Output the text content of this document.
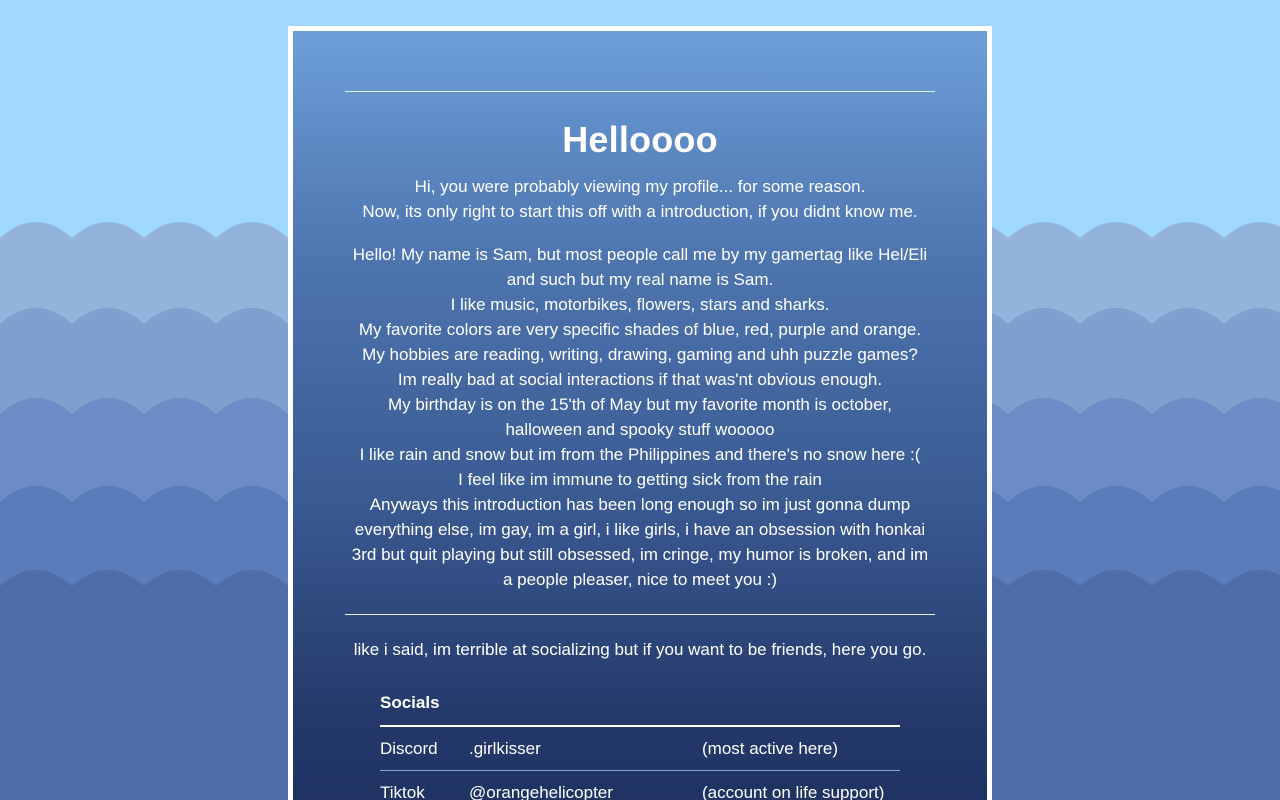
Helloooo
Hi, you were probably viewing my profile... for some reason.
Now, its only right to start this off with a introduction, if you didnt know me.
Hello! My name is Sam, but most people call me by my gamertag like Hel/Eli
and such but my real name is Sam.
I like music, motorbikes, flowers, stars and sharks.
My favorite colors are very specific shades of blue, red, purple and orange.
My hobbies are reading, writing, drawing, gaming and uhh puzzle games?
Im really bad at social interactions if that was'nt obvious enough.
My birthday is on the 15'th of May but my favorite month is october,
halloween and spooky stuff wooooo
I like rain and snow but im from the Philippines and there's no snow here :(
I feel like im immune to getting sick from the rain
Anyways this introduction has been long enough so im just gonna dump
everything else, im gay, im a girl, i like girls, i have an obsession with honkai
3rd but quit playing but still obsessed, im cringe, my humor is broken, and im
a people pleaser, nice to meet you :)

like i said, im terrible at socializing but if you want to be friends, here you go.

Socials		
Discord	.girlkisser	(most active here)
Tiktok	@orangehelicopter	(account on life support)
